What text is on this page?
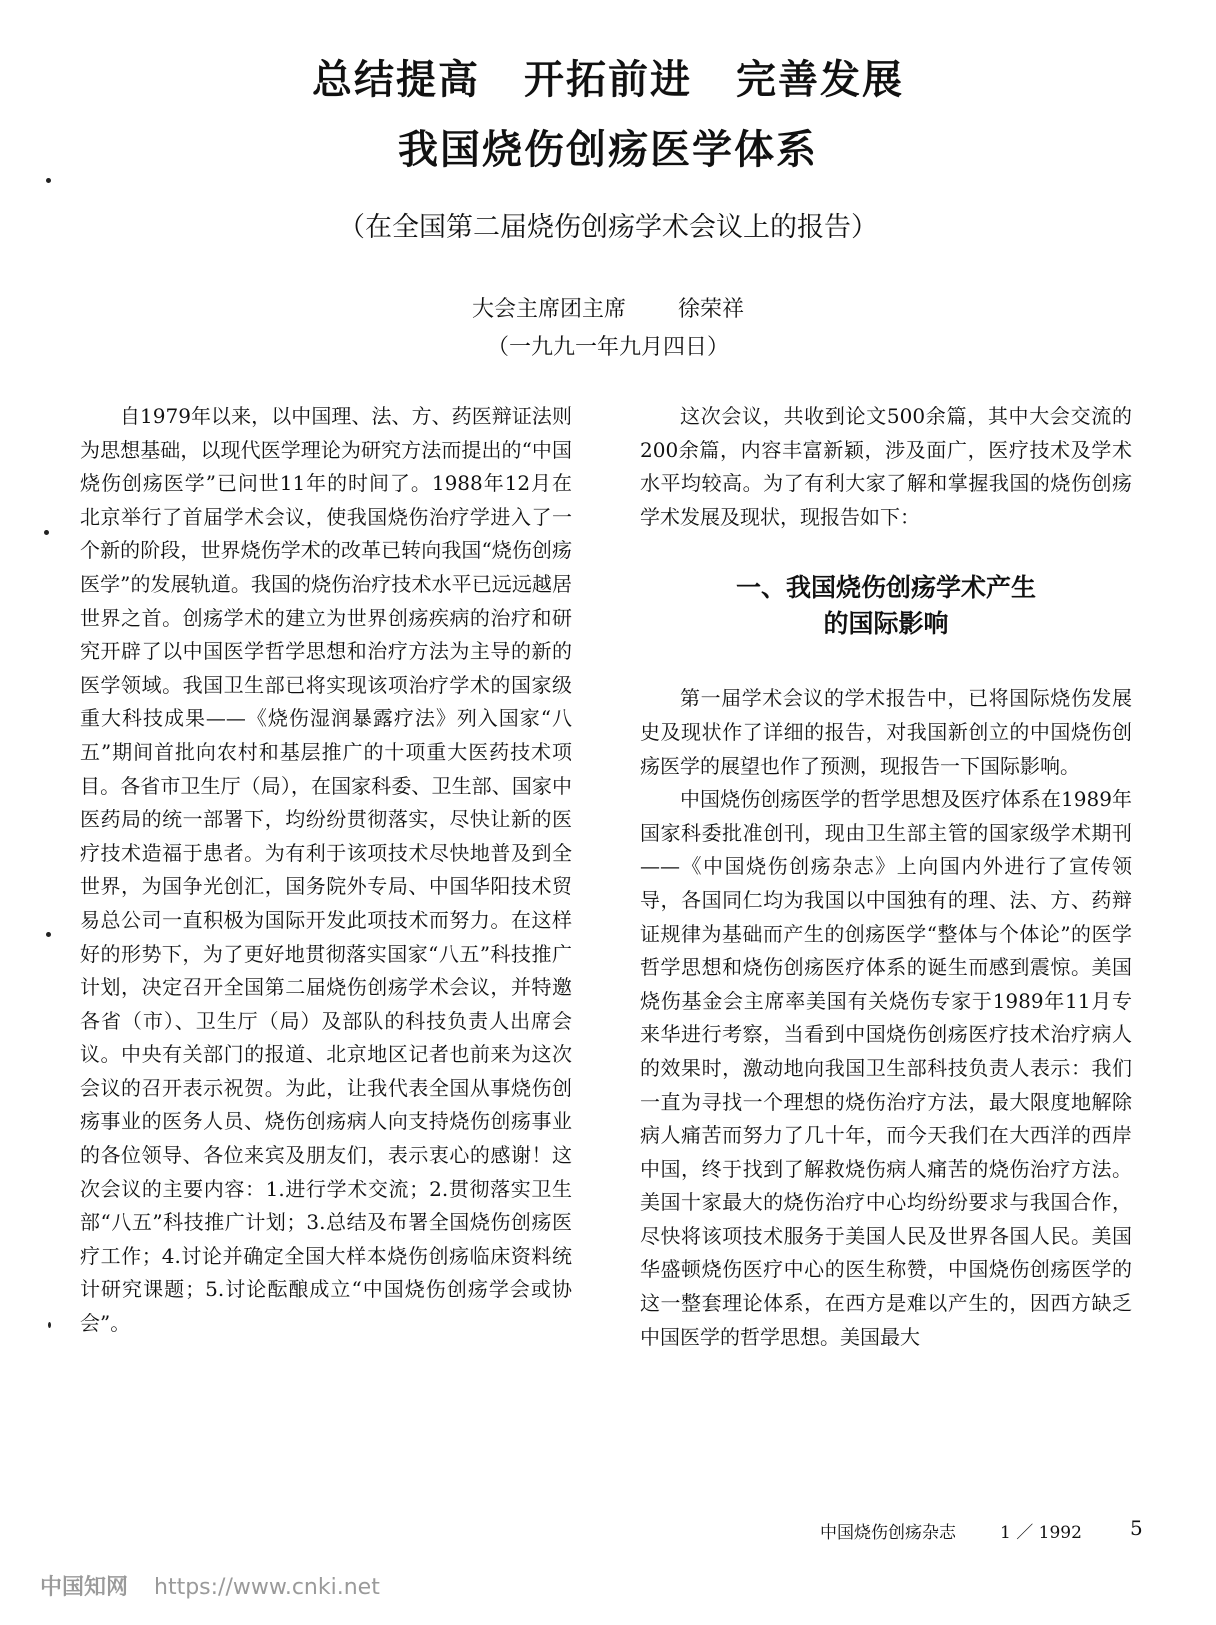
总结提高 开拓前进 完善发展
我国烧伤创疡医学体系
（在全国第二届烧伤创疡学术会议上的报告）
大会主席团主席 徐荣祥
（一九九一年九月四日）

自1979年以来，以中国理、法、方、药医辩证法则为思想基础，以现代医学理论为研究方法而提出的“中国烧伤创疡医学”已问世11年的时间了。1988年12月在北京举行了首届学术会议，使我国烧伤治疗学进入了一个新的阶段，世界烧伤学术的改革已转向我国“烧伤创疡医学”的发展轨道。我国的烧伤治疗技术水平已远远越居世界之首。创疡学术的建立为世界创疡疾病的治疗和研究开辟了以中国医学哲学思想和治疗方法为主导的新的医学领域。我国卫生部已将实现该项治疗学术的国家级重大科技成果——《烧伤湿润暴露疗法》列入国家“八五”期间首批向农村和基层推广的十项重大医药技术项目。各省市卫生厅（局），在国家科委、卫生部、国家中医药局的统一部署下，均纷纷贯彻落实，尽快让新的医疗技术造福于患者。为有利于该项技术尽快地普及到全世界，为国争光创汇，国务院外专局、中国华阳技术贸易总公司一直积极为国际开发此项技术而努力。在这样好的形势下，为了更好地贯彻落实国家“八五”科技推广计划，决定召开全国第二届烧伤创疡学术会议，并特邀各省（市）、卫生厅（局）及部队的科技负责人出席会议。中央有关部门的报道、北京地区记者也前来为这次会议的召开表示祝贺。为此，让我代表全国从事烧伤创疡事业的医务人员、烧伤创疡病人向支持烧伤创疡事业的各位领导、各位来宾及朋友们，表示衷心的感谢！这次会议的主要内容：1.进行学术交流；2.贯彻落实卫生部“八五”科技推广计划；3.总结及布署全国烧伤创疡医疗工作；4.讨论并确定全国大样本烧伤创疡临床资料统计研究课题；5.讨论酝酿成立“中国烧伤创疡学会或协会”。

这次会议，共收到论文500余篇，其中大会交流的200余篇，内容丰富新颖，涉及面广，医疗技术及学术水平均较高。为了有利大家了解和掌握我国的烧伤创疡学术发展及现状，现报告如下：

一、我国烧伤创疡学术产生
的国际影响

第一届学术会议的学术报告中，已将国际烧伤发展史及现状作了详细的报告，对我国新创立的中国烧伤创疡医学的展望也作了预测，现报告一下国际影响。

中国烧伤创疡医学的哲学思想及医疗体系在1989年国家科委批准创刊，现由卫生部主管的国家级学术期刊——《中国烧伤创疡杂志》上向国内外进行了宣传领导，各国同仁均为我国以中国独有的理、法、方、药辩证规律为基础而产生的创疡医学“整体与个体论”的医学哲学思想和烧伤创疡医疗体系的诞生而感到震惊。美国烧伤基金会主席率美国有关烧伤专家于1989年11月专来华进行考察，当看到中国烧伤创疡医疗技术治疗病人的效果时，激动地向我国卫生部科技负责人表示：我们一直为寻找一个理想的烧伤治疗方法，最大限度地解除病人痛苦而努力了几十年，而今天我们在大西洋的西岸中国，终于找到了解救烧伤病人痛苦的烧伤治疗方法。美国十家最大的烧伤治疗中心均纷纷要求与我国合作，尽快将该项技术服务于美国人民及世界各国人民。美国华盛顿烧伤医疗中心的医生称赞，中国烧伤创疡医学的这一整套理论体系，在西方是难以产生的，因西方缺乏中国医学的哲学思想。美国最大

中国烧伤创疡杂志	1 ／ 1992 5
中国知网 https://www.cnki.net
